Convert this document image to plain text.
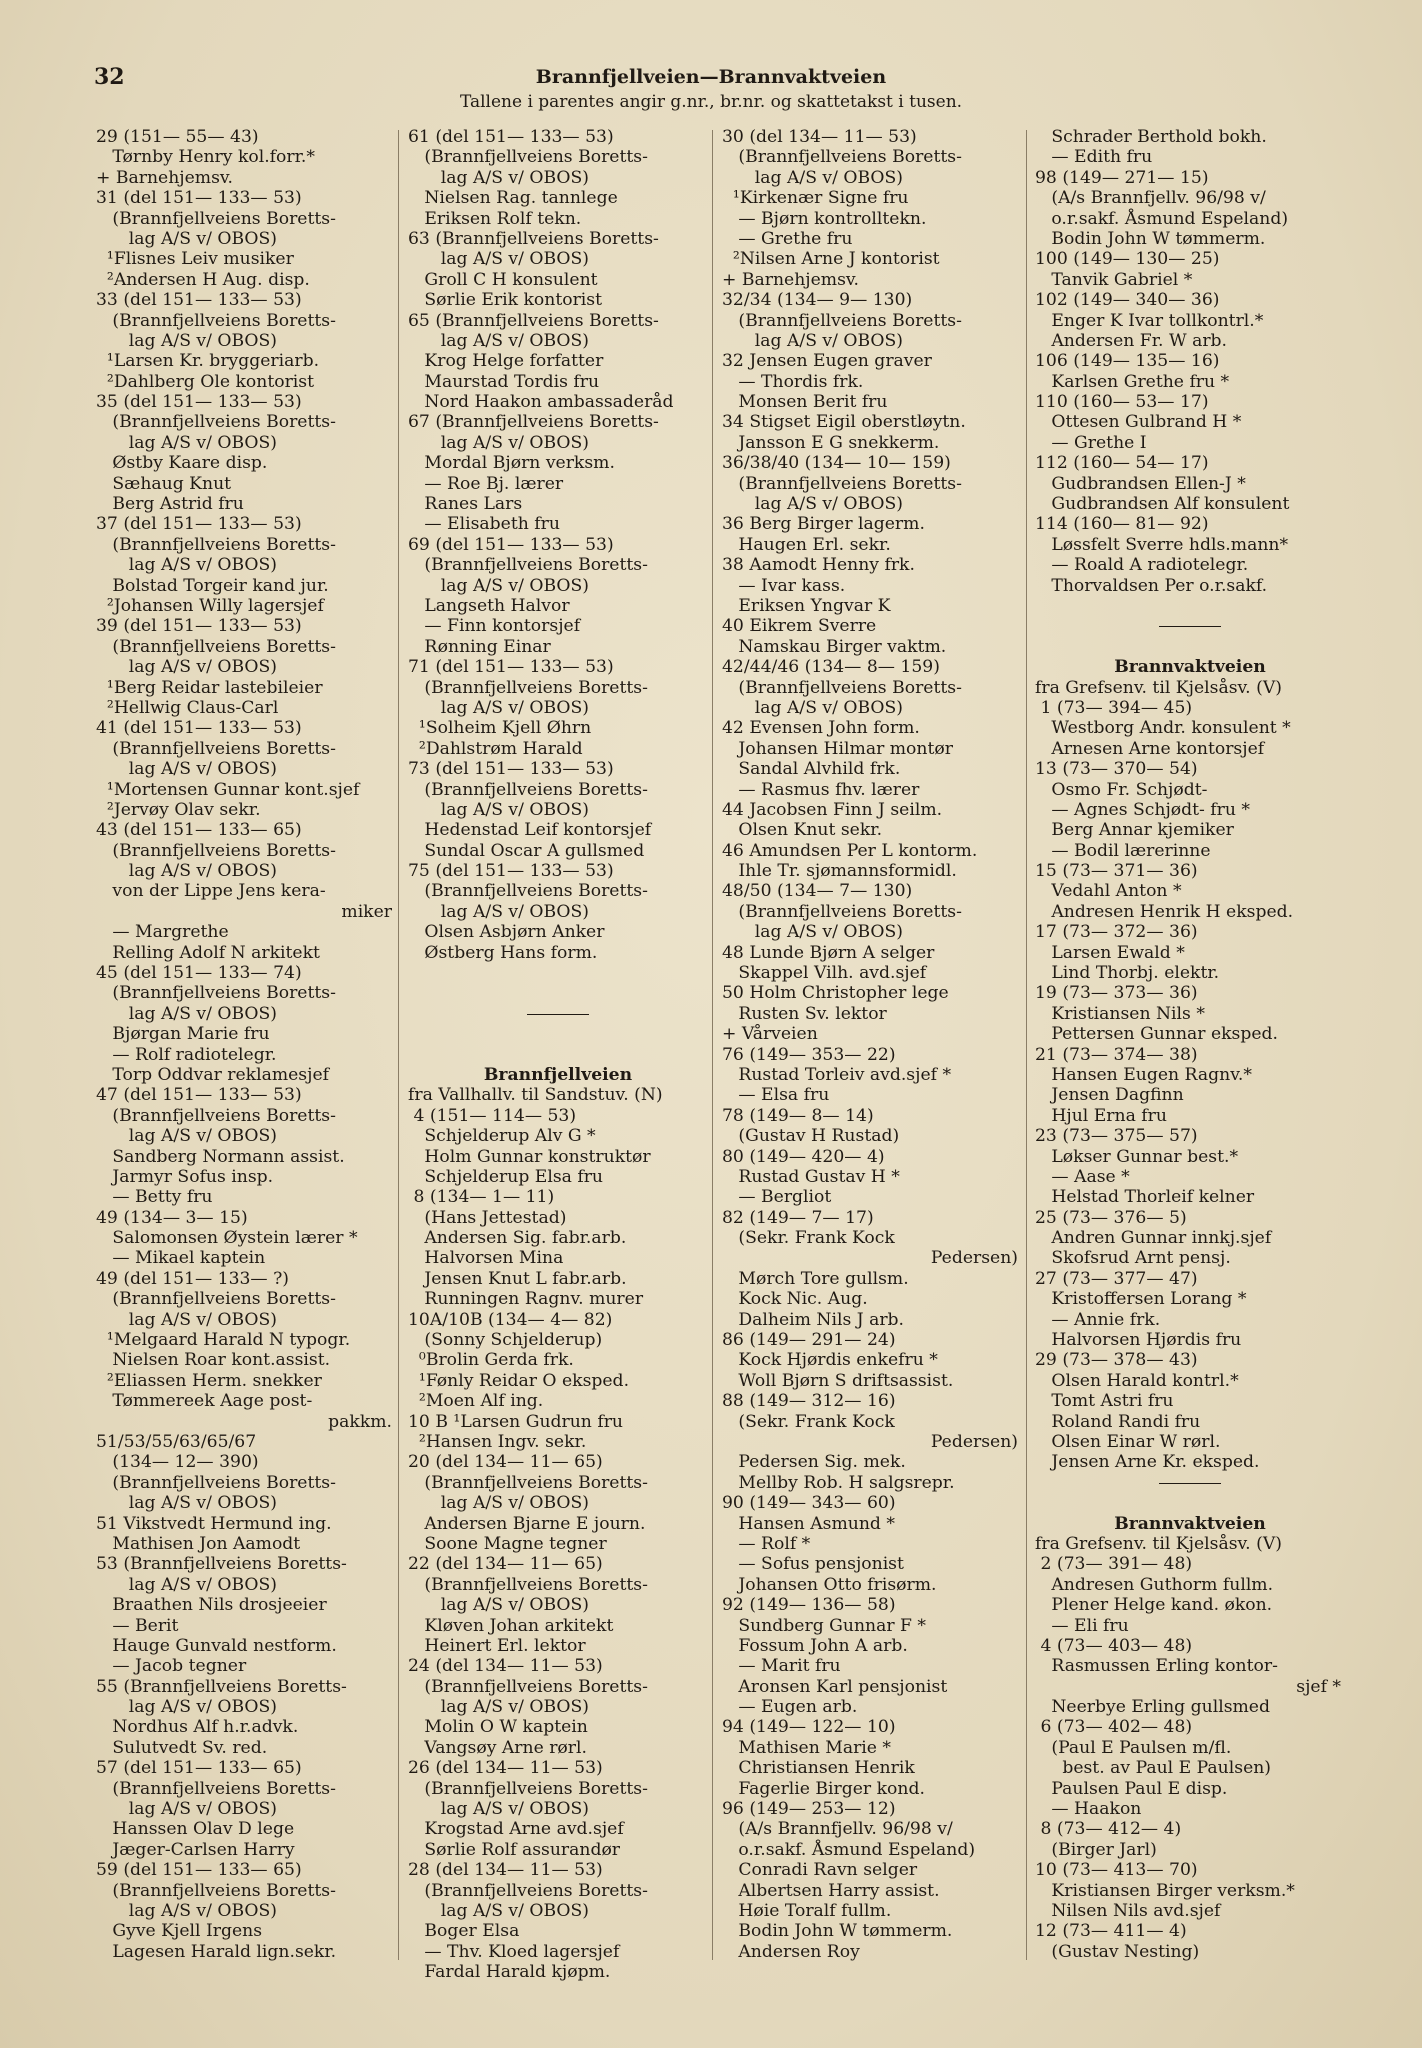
32	Brannfjellveien—Brannvaktveien
Tallene i parentes angir g.nr., br.nr. og skattetakst i tusen.
29 (151— 55— 43)
Tørnby Henry kol.forr.*
+ Barnehjemsv.
31 (del 151— 133— 53)
(Brannfjellveiens Boretts-
lag A/S v/ OBOS)
¹Flisnes Leiv musiker
²Andersen H Aug. disp.
33 (del 151— 133— 53)
(Brannfjellveiens Boretts-
lag A/S v/ OBOS)
¹Larsen Kr. bryggeriarb.
²Dahlberg Ole kontorist
35 (del 151— 133— 53)
(Brannfjellveiens Boretts-
lag A/S v/ OBOS)
Østby Kaare disp.
Sæhaug Knut
Berg Astrid fru
37 (del 151— 133— 53)
(Brannfjellveiens Boretts-
lag A/S v/ OBOS)
Bolstad Torgeir kand jur.
²Johansen Willy lagersjef
39 (del 151— 133— 53)
(Brannfjellveiens Boretts-
lag A/S v/ OBOS)
¹Berg Reidar lastebileier
²Hellwig Claus-Carl
41 (del 151— 133— 53)
(Brannfjellveiens Boretts-
lag A/S v/ OBOS)
¹Mortensen Gunnar kont.sjef
²Jervøy Olav sekr.
43 (del 151— 133— 65)
(Brannfjellveiens Boretts-
lag A/S v/ OBOS)
von der Lippe Jens kera-
miker
— Margrethe
Relling Adolf N arkitekt
45 (del 151— 133— 74)
(Brannfjellveiens Boretts-
lag A/S v/ OBOS)
Bjørgan Marie fru
— Rolf radiotelegr.
Torp Oddvar reklamesjef
47 (del 151— 133— 53)
(Brannfjellveiens Boretts-
lag A/S v/ OBOS)
Sandberg Normann assist.
Jarmyr Sofus insp.
— Betty fru
49 (134— 3— 15)
Salomonsen Øystein lærer *
— Mikael kaptein
49 (del 151— 133— ?)
(Brannfjellveiens Boretts-
lag A/S v/ OBOS)
¹Melgaard Harald N typogr.
Nielsen Roar kont.assist.
²Eliassen Herm. snekker
Tømmereek Aage post-
pakkm.
51/53/55/63/65/67
(134— 12— 390)
(Brannfjellveiens Boretts-
lag A/S v/ OBOS)
51 Vikstvedt Hermund ing.
Mathisen Jon Aamodt
53 (Brannfjellveiens Boretts-
lag A/S v/ OBOS)
Braathen Nils drosjeeier
— Berit
Hauge Gunvald nestform.
— Jacob tegner
55 (Brannfjellveiens Boretts-
lag A/S v/ OBOS)
Nordhus Alf h.r.advk.
Sulutvedt Sv. red.
57 (del 151— 133— 65)
(Brannfjellveiens Boretts-
lag A/S v/ OBOS)
Hanssen Olav D lege
Jæger-Carlsen Harry
59 (del 151— 133— 65)
(Brannfjellveiens Boretts-
lag A/S v/ OBOS)
Gyve Kjell Irgens
Lagesen Harald lign.sekr.
61 (del 151— 133— 53)
(Brannfjellveiens Boretts-
lag A/S v/ OBOS)
Nielsen Rag. tannlege
Eriksen Rolf tekn.
63 (Brannfjellveiens Boretts-
lag A/S v/ OBOS)
Groll C H konsulent
Sørlie Erik kontorist
65 (Brannfjellveiens Boretts-
lag A/S v/ OBOS)
Krog Helge forfatter
Maurstad Tordis fru
Nord Haakon ambassaderåd
67 (Brannfjellveiens Boretts-
lag A/S v/ OBOS)
Mordal Bjørn verksm.
— Roe Bj. lærer
Ranes Lars
— Elisabeth fru
69 (del 151— 133— 53)
(Brannfjellveiens Boretts-
lag A/S v/ OBOS)
Langseth Halvor
— Finn kontorsjef
Rønning Einar
71 (del 151— 133— 53)
(Brannfjellveiens Boretts-
lag A/S v/ OBOS)
¹Solheim Kjell Øhrn
²Dahlstrøm Harald
73 (del 151— 133— 53)
(Brannfjellveiens Boretts-
lag A/S v/ OBOS)
Hedenstad Leif kontorsjef
Sundal Oscar A gullsmed
75 (del 151— 133— 53)
(Brannfjellveiens Boretts-
lag A/S v/ OBOS)
Olsen Asbjørn Anker
Østberg Hans form.
Brannfjellveien
fra Vallhallv. til Sandstuv. (N)
4 (151— 114— 53)
Schjelderup Alv G *
Holm Gunnar konstruktør
Schjelderup Elsa fru
8 (134— 1— 11)
(Hans Jettestad)
Andersen Sig. fabr.arb.
Halvorsen Mina
Jensen Knut L fabr.arb.
Runningen Ragnv. murer
10A/10B (134— 4— 82)
(Sonny Schjelderup)
⁰Brolin Gerda frk.
¹Fønly Reidar O eksped.
²Moen Alf ing.
10 B ¹Larsen Gudrun fru
²Hansen Ingv. sekr.
20 (del 134— 11— 65)
(Brannfjellveiens Boretts-
lag A/S v/ OBOS)
Andersen Bjarne E journ.
Soone Magne tegner
22 (del 134— 11— 65)
(Brannfjellveiens Boretts-
lag A/S v/ OBOS)
Kløven Johan arkitekt
Heinert Erl. lektor
24 (del 134— 11— 53)
(Brannfjellveiens Boretts-
lag A/S v/ OBOS)
Molin O W kaptein
Vangsøy Arne rørl.
26 (del 134— 11— 53)
(Brannfjellveiens Boretts-
lag A/S v/ OBOS)
Krogstad Arne avd.sjef
Sørlie Rolf assurandør
28 (del 134— 11— 53)
(Brannfjellveiens Boretts-
lag A/S v/ OBOS)
Boger Elsa
— Thv. Kloed lagersjef
Fardal Harald kjøpm.
30 (del 134— 11— 53)
(Brannfjellveiens Boretts-
lag A/S v/ OBOS)
¹Kirkenær Signe fru
— Bjørn kontrolltekn.
— Grethe fru
²Nilsen Arne J kontorist
+ Barnehjemsv.
32/34 (134— 9— 130)
(Brannfjellveiens Boretts-
lag A/S v/ OBOS)
32 Jensen Eugen graver
— Thordis frk.
Monsen Berit fru
34 Stigset Eigil oberstløytn.
Jansson E G snekkerm.
36/38/40 (134— 10— 159)
(Brannfjellveiens Boretts-
lag A/S v/ OBOS)
36 Berg Birger lagerm.
Haugen Erl. sekr.
38 Aamodt Henny frk.
— Ivar kass.
Eriksen Yngvar K
40 Eikrem Sverre
Namskau Birger vaktm.
42/44/46 (134— 8— 159)
(Brannfjellveiens Boretts-
lag A/S v/ OBOS)
42 Evensen John form.
Johansen Hilmar montør
Sandal Alvhild frk.
— Rasmus fhv. lærer
44 Jacobsen Finn J seilm.
Olsen Knut sekr.
46 Amundsen Per L kontorm.
Ihle Tr. sjømannsformidl.
48/50 (134— 7— 130)
(Brannfjellveiens Boretts-
lag A/S v/ OBOS)
48 Lunde Bjørn A selger
Skappel Vilh. avd.sjef
50 Holm Christopher lege
Rusten Sv. lektor
+ Vårveien
76 (149— 353— 22)
Rustad Torleiv avd.sjef *
— Elsa fru
78 (149— 8— 14)
(Gustav H Rustad)
80 (149— 420— 4)
Rustad Gustav H *
— Bergliot
82 (149— 7— 17)
(Sekr. Frank Kock
Pedersen)
Mørch Tore gullsm.
Kock Nic. Aug.
Dalheim Nils J arb.
86 (149— 291— 24)
Kock Hjørdis enkefru *
Woll Bjørn S driftsassist.
88 (149— 312— 16)
(Sekr. Frank Kock
Pedersen)
Pedersen Sig. mek.
Mellby Rob. H salgsrepr.
90 (149— 343— 60)
Hansen Asmund *
— Rolf *
— Sofus pensjonist
Johansen Otto frisørm.
92 (149— 136— 58)
Sundberg Gunnar F *
Fossum John A arb.
— Marit fru
Aronsen Karl pensjonist
— Eugen arb.
94 (149— 122— 10)
Mathisen Marie *
Christiansen Henrik
Fagerlie Birger kond.
96 (149— 253— 12)
(A/s Brannfjellv. 96/98 v/
o.r.sakf. Åsmund Espeland)
Conradi Ravn selger
Albertsen Harry assist.
Høie Toralf fullm.
Bodin John W tømmerm.
Andersen Roy
Schrader Berthold bokh.
— Edith fru
98 (149— 271— 15)
(A/s Brannfjellv. 96/98 v/
o.r.sakf. Åsmund Espeland)
Bodin John W tømmerm.
100 (149— 130— 25)
Tanvik Gabriel *
102 (149— 340— 36)
Enger K Ivar tollkontrl.*
Andersen Fr. W arb.
106 (149— 135— 16)
Karlsen Grethe fru *
110 (160— 53— 17)
Ottesen Gulbrand H *
— Grethe I
112 (160— 54— 17)
Gudbrandsen Ellen-J *
Gudbrandsen Alf konsulent
114 (160— 81— 92)
Løssfelt Sverre hdls.mann*
— Roald A radiotelegr.
Thorvaldsen Per o.r.sakf.
Brannvaktveien
fra Grefsenv. til Kjelsåsv. (V)
1 (73— 394— 45)
Westborg Andr. konsulent *
Arnesen Arne kontorsjef
13 (73— 370— 54)
Osmo Fr. Schjødt-
— Agnes Schjødt- fru *
Berg Annar kjemiker
— Bodil lærerinne
15 (73— 371— 36)
Vedahl Anton *
Andresen Henrik H eksped.
17 (73— 372— 36)
Larsen Ewald *
Lind Thorbj. elektr.
19 (73— 373— 36)
Kristiansen Nils *
Pettersen Gunnar eksped.
21 (73— 374— 38)
Hansen Eugen Ragnv.*
Jensen Dagfinn
Hjul Erna fru
23 (73— 375— 57)
Løkser Gunnar best.*
— Aase *
Helstad Thorleif kelner
25 (73— 376— 5)
Andren Gunnar innkj.sjef
Skofsrud Arnt pensj.
27 (73— 377— 47)
Kristoffersen Lorang *
— Annie frk.
Halvorsen Hjørdis fru
29 (73— 378— 43)
Olsen Harald kontrl.*
Tomt Astri fru
Roland Randi fru
Olsen Einar W rørl.
Jensen Arne Kr. eksped.
Brannvaktveien
fra Grefsenv. til Kjelsåsv. (V)
2 (73— 391— 48)
Andresen Guthorm fullm.
Plener Helge kand. økon.
— Eli fru
4 (73— 403— 48)
Rasmussen Erling kontor-
sjef *
Neerbye Erling gullsmed
6 (73— 402— 48)
(Paul E Paulsen m/fl.
best. av Paul E Paulsen)
Paulsen Paul E disp.
— Haakon
8 (73— 412— 4)
(Birger Jarl)
10 (73— 413— 70)
Kristiansen Birger verksm.*
Nilsen Nils avd.sjef
12 (73— 411— 4)
(Gustav Nesting)
